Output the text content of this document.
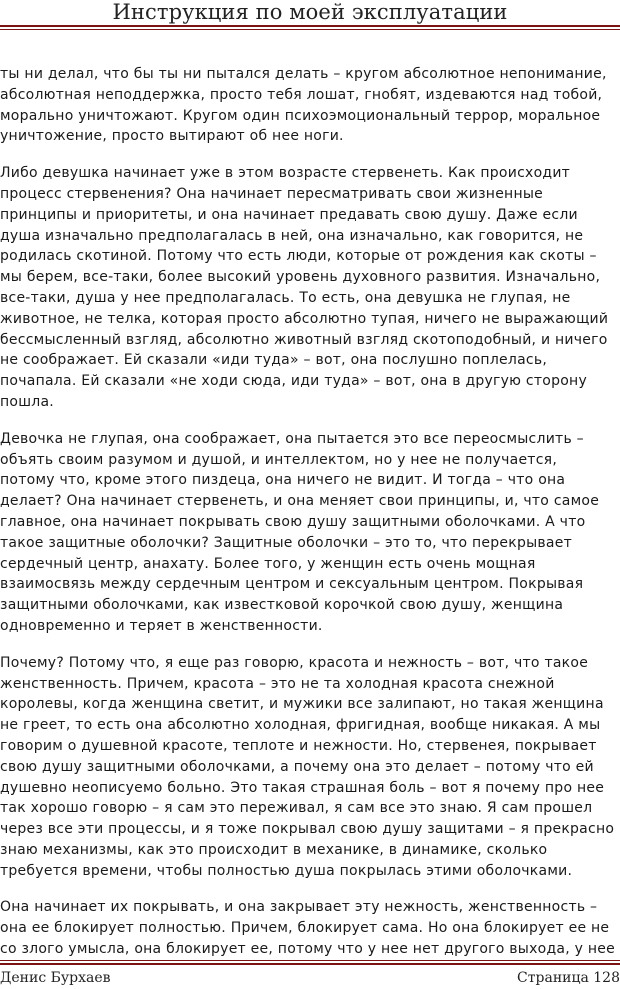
Инструкция по моей эксплуатации

ты ни делал, что бы ты ни пытался делать – кругом абсолютное непонимание, абсолютная неподдержка, просто тебя лошат, гнобят, издеваются над тобой, морально уничтожают. Кругом один психоэмоциональный террор, моральное уничтожение, просто вытирают об нее ноги.

Либо девушка начинает уже в этом возрасте стервенеть. Как происходит процесс стервенения? Она начинает пересматривать свои жизненные принципы и приоритеты, и она начинает предавать свою душу. Даже если душа изначально предполагалась в ней, она изначально, как говорится, не родилась скотиной. Потому что есть люди, которые от рождения как скоты – мы берем, все-таки, более высокий уровень духовного развития. Изначально, все-таки, душа у нее предполагалась. То есть, она девушка не глупая, не животное, не телка, которая просто абсолютно тупая, ничего не выражающий бессмысленный взгляд, абсолютно животный взгляд скотоподобный, и ничего не соображает. Ей сказали «иди туда» – вот, она послушно поплелась, почапала. Ей сказали «не ходи сюда, иди туда» – вот, она в другую сторону пошла.

Девочка не глупая, она соображает, она пытается это все переосмыслить – объять своим разумом и душой, и интеллектом, но у нее не получается, потому что, кроме этого пиздеца, она ничего не видит. И тогда – что она делает? Она начинает стервенеть, и она меняет свои принципы, и, что самое главное, она начинает покрывать свою душу защитными оболочками. А что такое защитные оболочки? Защитные оболочки – это то, что перекрывает сердечный центр, анахату. Более того, у женщин есть очень мощная взаимосвязь между сердечным центром и сексуальным центром. Покрывая защитными оболочками, как известковой корочкой свою душу, женщина одновременно и теряет в женственности.

Почему? Потому что, я еще раз говорю, красота и нежность – вот, что такое женственность. Причем, красота – это не та холодная красота снежной королевы, когда женщина светит, и мужики все залипают, но такая женщина не греет, то есть она абсолютно холодная, фригидная, вообще никакая. А мы говорим о душевной красоте, теплоте и нежности. Но, стервенея, покрывает свою душу защитными оболочками, а почему она это делает – потому что ей душевно неописуемо больно. Это такая страшная боль – вот я почему про нее так хорошо говорю – я сам это переживал, я сам все это знаю. Я сам прошел через все эти процессы, и я тоже покрывал свою душу защитами – я прекрасно знаю механизмы, как это происходит в механике, в динамике, сколько требуется времени, чтобы полностью душа покрылась этими оболочками.

Она начинает их покрывать, и она закрывает эту нежность, женственность – она ее блокирует полностью. Причем, блокирует сама. Но она блокирует ее не со злого умысла, она блокирует ее, потому что у нее нет другого выхода, у нее

Денис Бурхаев	Страница 128
